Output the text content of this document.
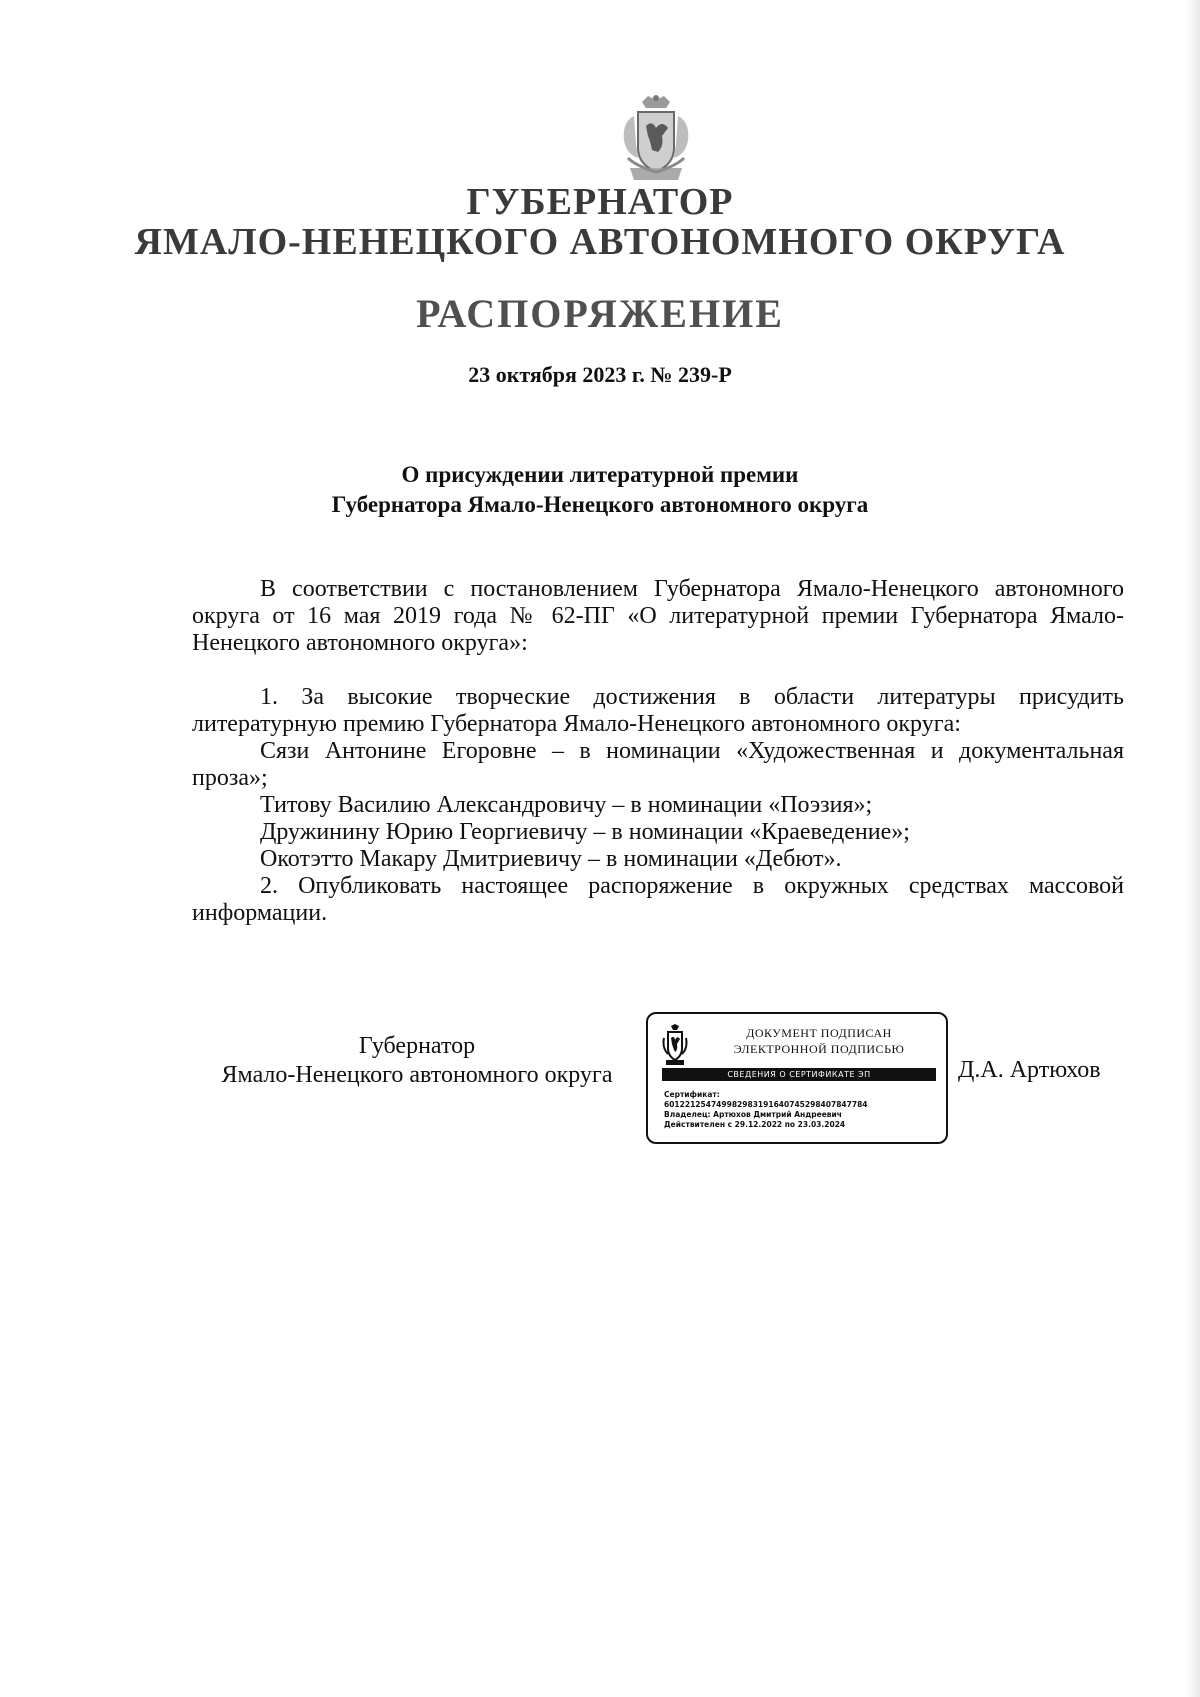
ГУБЕРНАТОР
ЯМАЛО-НЕНЕЦКОГО АВТОНОМНОГО ОКРУГА
РАСПОРЯЖЕНИЕ

23 октября 2023 г. № 239-Р

О присуждении литературной премии
Губернатора Ямало-Ненецкого автономного округа

В соответствии с постановлением Губернатора Ямало-Ненецкого автономного округа от 16 мая 2019 года № 62-ПГ «О литературной премии Губернатора Ямало-Ненецкого автономного округа»:

1. За высокие творческие достижения в области литературы присудить литературную премию Губернатора Ямало-Ненецкого автономного округа:

Сязи Антонине Егоровне – в номинации «Художественная и документальная проза»;

Титову Василию Александровичу – в номинации «Поэзия»;

Дружинину Юрию Георгиевичу – в номинации «Краеведение»;

Окотэтто Макару Дмитриевичу – в номинации «Дебют».

2. Опубликовать настоящее распоряжение в окружных средствах массовой информации.

Губернатор
Ямало-Ненецкого автономного округа

ДОКУМЕНТ ПОДПИСАН

ЭЛЕКТРОННОЙ ПОДПИСЬЮ

СВЕДЕНИЯ О СЕРТИФИКАТЕ ЭП
Сертификат:
601221254749982983191640745298407847784
Владелец: Артюхов Дмитрий Андреевич
Действителен с 29.12.2022 по 23.03.2024

Д.А. Артюхов
